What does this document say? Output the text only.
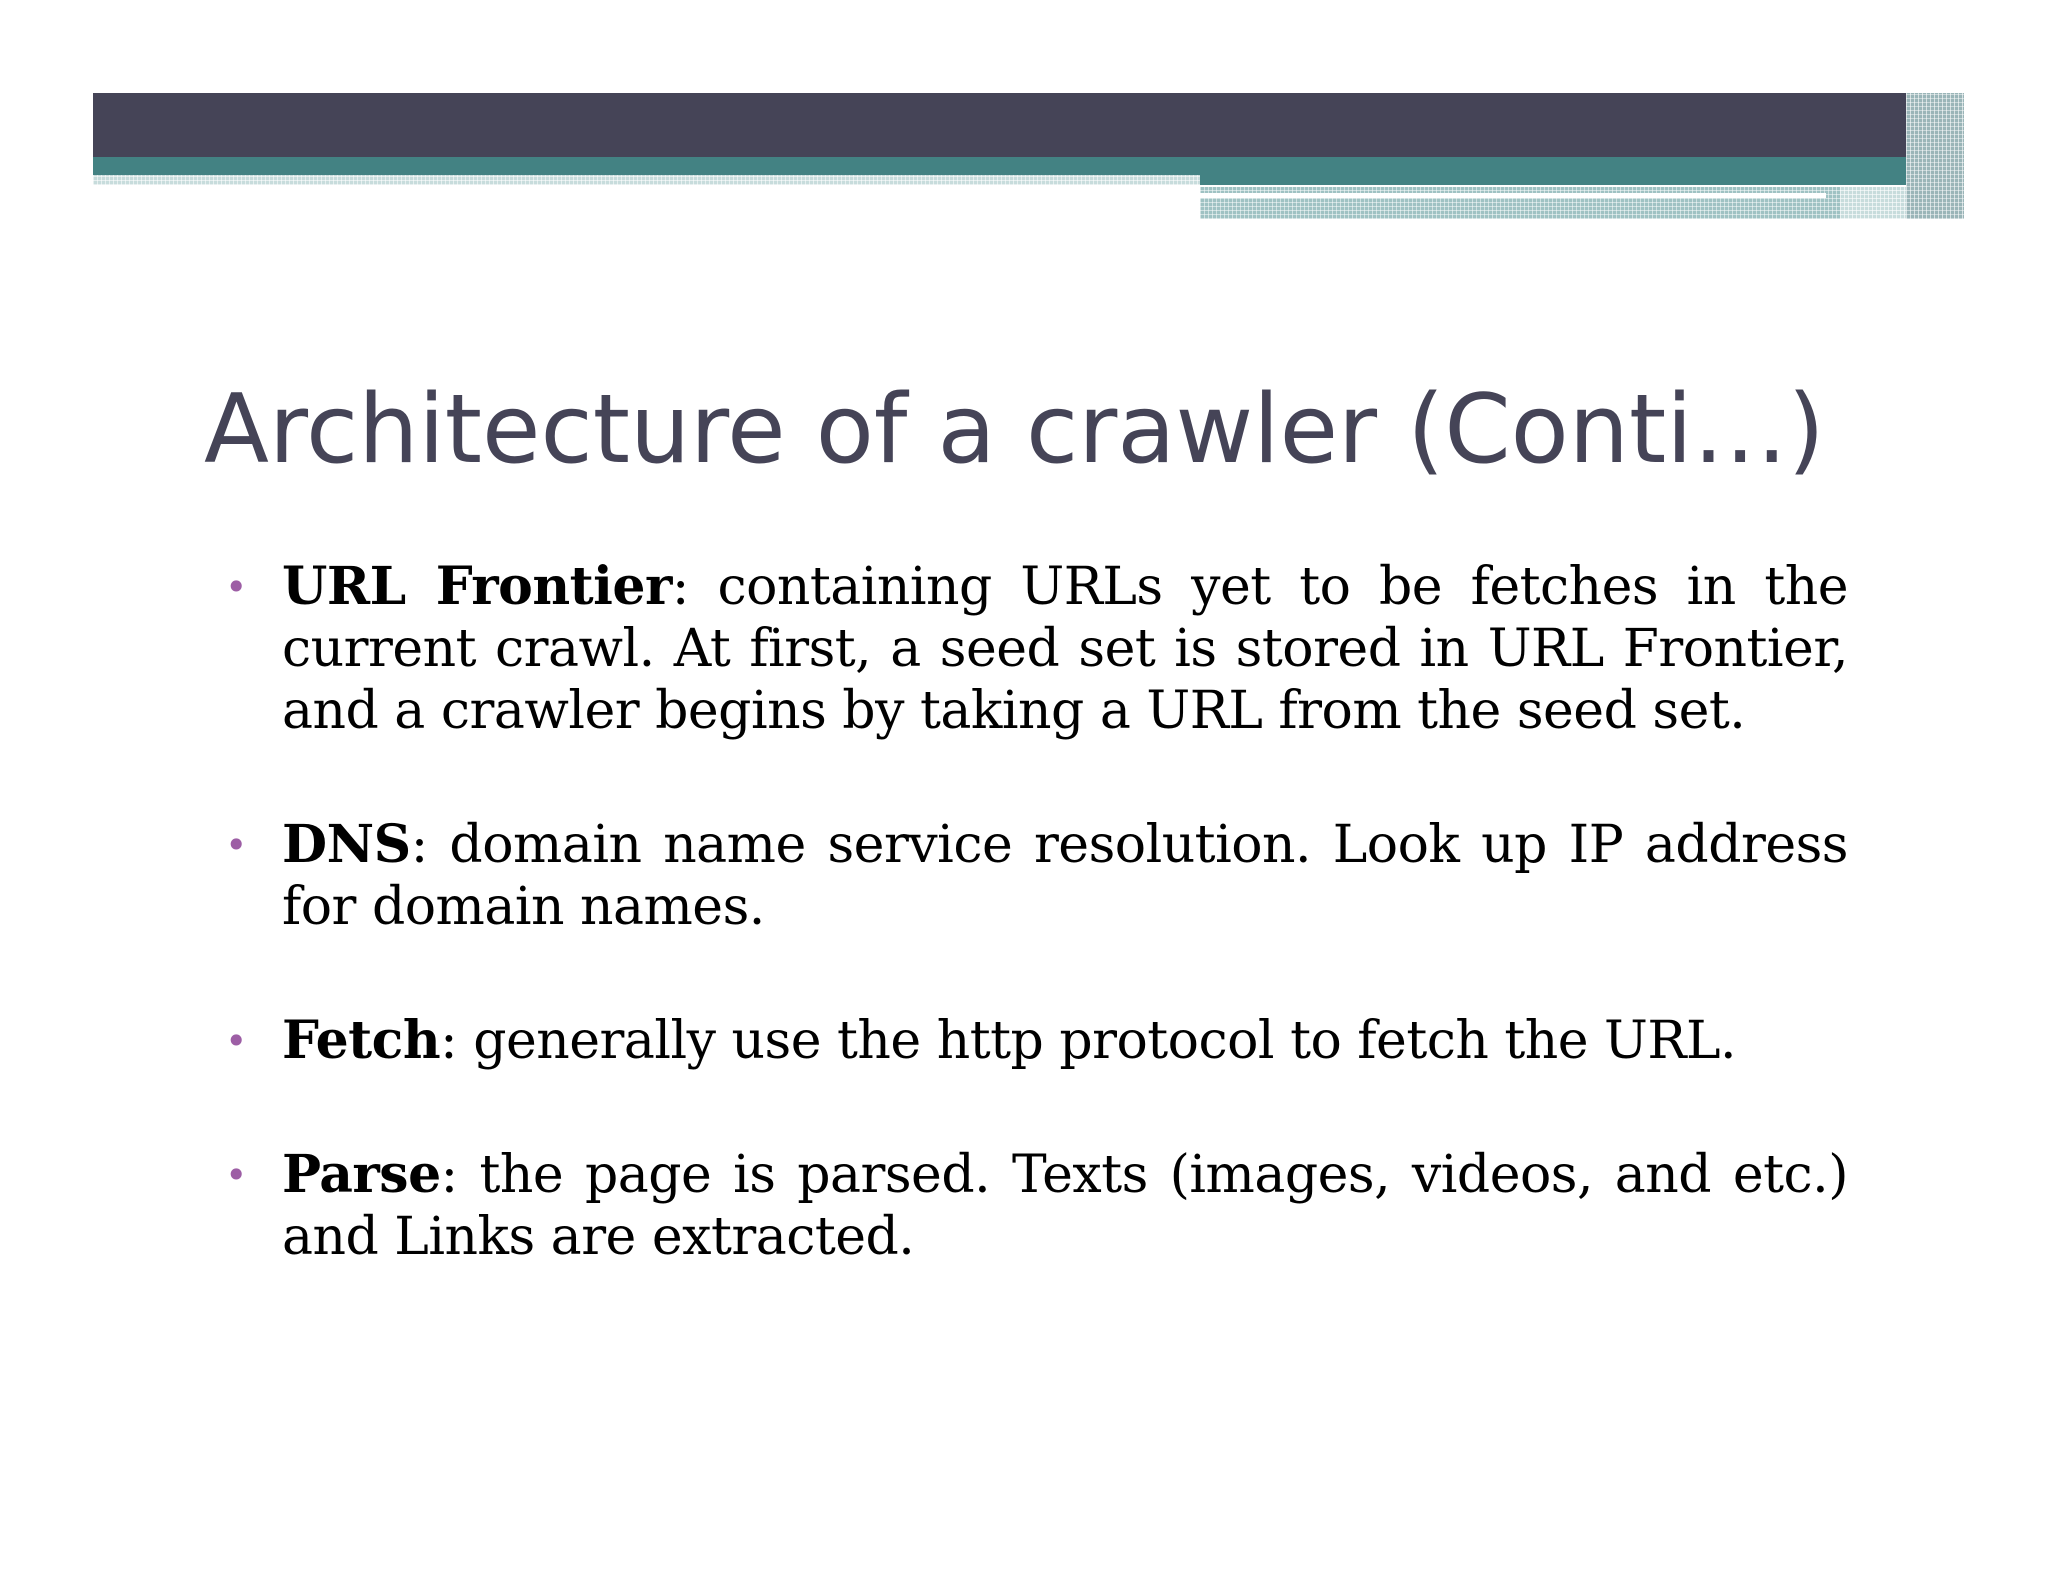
Architecture of a crawler (Conti…)
• URL Frontier: containing URLs yet to be fetches in the current crawl. At first, a seed set is stored in URL Frontier, and a crawler begins by taking a URL from the seed set.
• DNS: domain name service resolution. Look up IP address for domain names.
• Fetch: generally use the http protocol to fetch the URL.
• Parse: the page is parsed. Texts (images, videos, and etc.) and Links are extracted.
